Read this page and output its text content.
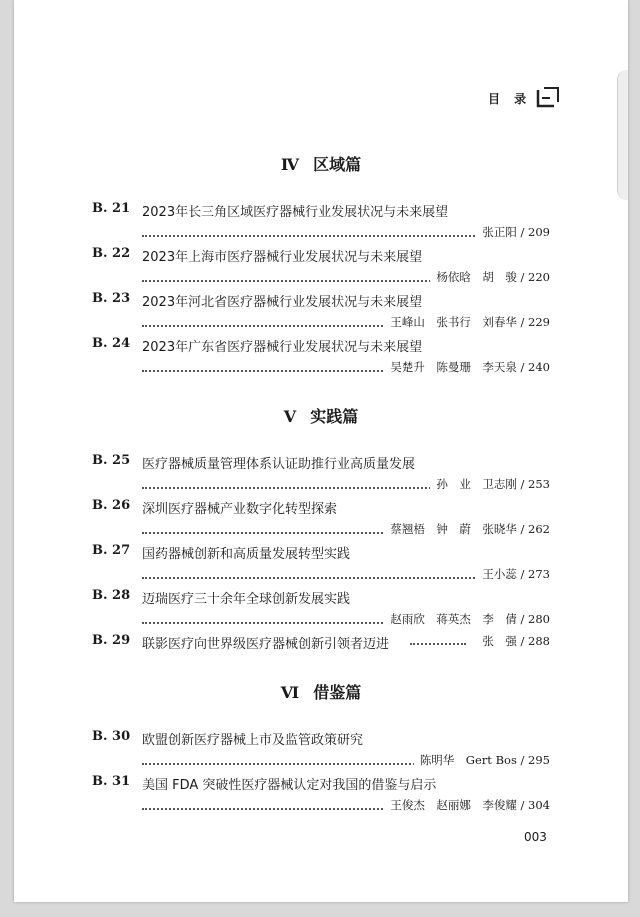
目 录
Ⅳ 区域篇
B. 21 2023年长三角区域医疗器械行业发展状况与未来展望
张正阳 / 209
B. 22 2023年上海市医疗器械行业发展状况与未来展望
杨依晗　胡　骏 / 220
B. 23 2023年河北省医疗器械行业发展状况与未来展望
王峰山　张书行　刘春华 / 229
B. 24 2023年广东省医疗器械行业发展状况与未来展望
吴楚升　陈曼珊　李天泉 / 240
Ⅴ 实践篇
B. 25 医疗器械质量管理体系认证助推行业高质量发展
孙　业　卫志刚 / 253
B. 26 深圳医疗器械产业数字化转型探索
蔡翘梧　钟　蔚　张晓华 / 262
B. 27 国药器械创新和高质量发展转型实践
王小蕊 / 273
B. 28 迈瑞医疗三十余年全球创新发展实践
赵雨欣　蒋英杰　李　倩 / 280
B. 29 联影医疗向世界级医疗器械创新引领者迈进	张　强 / 288
Ⅵ 借鉴篇
B. 30 欧盟创新医疗器械上市及监管政策研究
陈明华　Gert Bos / 295
B. 31 美国 FDA 突破性医疗器械认定对我国的借鉴与启示
王俊杰　赵丽娜　李俊耀 / 304
003
